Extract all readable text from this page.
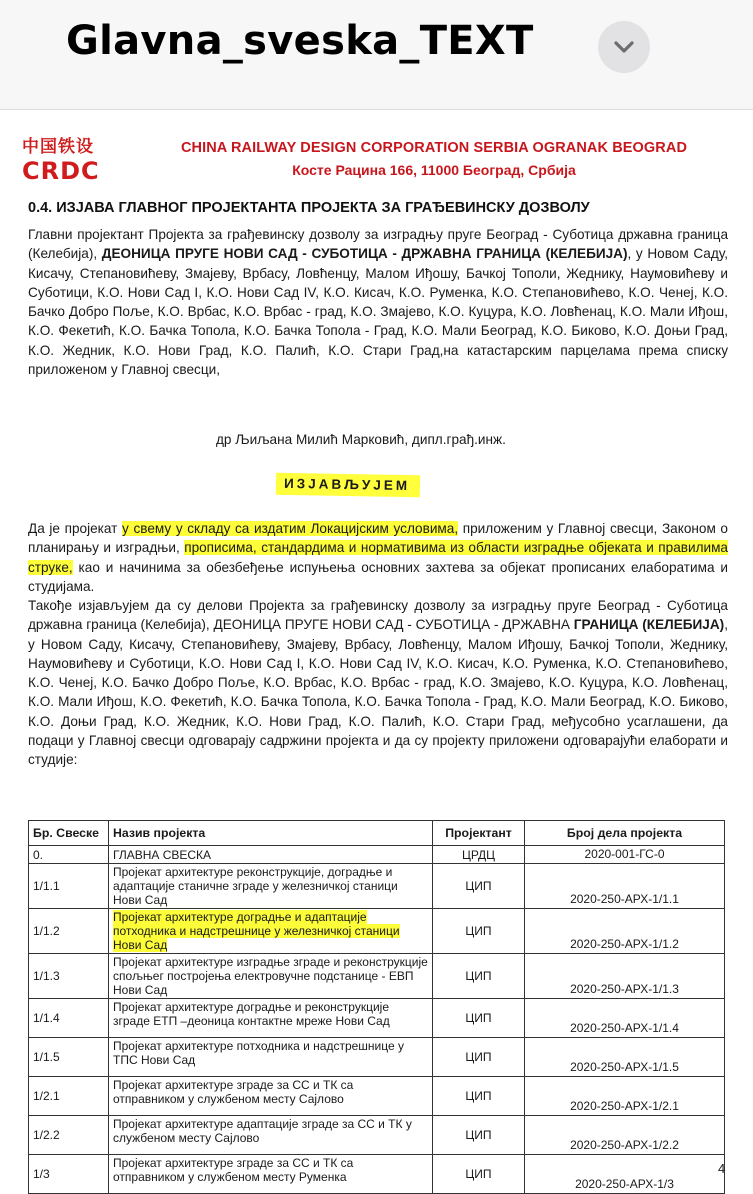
Glavna_sveska_TEXT
中国铁设
CRDC
CHINA RAILWAY DESIGN CORPORATION SERBIA OGRANAK BEOGRAD
Косте Рацина 166, 11000 Београд, Србија
0.4. ИЗЈАВА ГЛАВНОГ ПРОЈЕКТАНТА ПРОЈЕКТА ЗА ГРАЂЕВИНСКУ ДОЗВОЛУ
Главни пројектант Пројекта за грађевинску дозволу за изградњу пруге Београд - Суботица државна граница (Келебија), ДЕОНИЦА ПРУГЕ НОВИ САД - СУБОТИЦА - ДРЖАВНА ГРАНИЦА (КЕЛЕБИЈА), у Новом Саду, Кисачу, Степановићеву, Змајеву, Врбасу, Ловћенцу, Малом Иђошу, Бачкој Тополи, Жеднику, Наумовићеву и Суботици, К.О. Нови Сад I, К.О. Нови Сад IV, К.О. Кисач, К.О. Руменка, К.О. Степановићево, К.О. Ченеј, К.О. Бачко Добро Поље, К.О. Врбас, К.О. Врбас - град, К.О. Змајево, К.О. Куцура, К.О. Ловћенац, К.О. Мали Иђош, К.О. Фекетић, К.О. Бачка Топола, К.О. Бачка Топола - Град, К.О. Мали Београд, К.О. Биково, К.О. Доњи Град, К.О. Жедник, К.О. Нови Град, К.О. Палић, К.О. Стари Град,на катастарским парцелама према списку приложеном у Главној свесци,
др Љиљана Милић Марковић, дипл.грађ.инж.
ИЗЈАВЉУЈЕМ
Да је пројекат у свему у складу са издатим Локацијским условима, приложеним у Главној свесци, Законом о планирању и изградњи, прописима, стандардима и нормативима из области изградње објеката и правилима струке, као и начинима за обезбеђење испуњења основних захтева за објекат прописаних елаборатима и студијама.
Такође изјављујем да су делови Пројекта за грађевинску дозволу за изградњу пруге Београд - Суботица државна граница (Келебија), ДЕОНИЦА ПРУГЕ НОВИ САД - СУБОТИЦА - ДРЖАВНА ГРАНИЦА (КЕЛЕБИЈА), у Новом Саду, Кисачу, Степановићеву, Змајеву, Врбасу, Ловћенцу, Малом Иђошу, Бачкој Тополи, Жеднику, Наумовићеву и Суботици, К.О. Нови Сад I, К.О. Нови Сад IV, К.О. Кисач, К.О. Руменка, К.О. Степановићево, К.О. Ченеј, К.О. Бачко Добро Поље, К.О. Врбас, К.О. Врбас - град, К.О. Змајево, К.О. Куцура, К.О. Ловћенац, К.О. Мали Иђош, К.О. Фекетић, К.О. Бачка Топола, К.О. Бачка Топола - Град, К.О. Мали Београд, К.О. Биково, К.О. Доњи Град, К.О. Жедник, К.О. Нови Град, К.О. Палић, К.О. Стари Град, међусобно усаглашени, да подаци у Главној свесци одговарају садржини пројекта и да су пројекту приложени одговарајући елаборати и студије:
Бр. Свеске	Назив пројекта	Пројектант	Број дела пројекта
0.	ГЛАВНА СВЕСКА	ЦРДЦ	2020-001-ГС-0
1/1.1	Пројекат архитектуре реконструкције, доградње и адаптације станичне зграде у железничкој станици Нови Сад	ЦИП	2020-250-АРХ-1/1.1
1/1.2	Пројекат архитектуре доградње и адаптације потходника и надстрешнице у железничкој станици Нови Сад	ЦИП	2020-250-АРХ-1/1.2
1/1.3	Пројекат архитектуре изградње зграде и реконструкције спољњег постројења електровучне подстанице - ЕВП Нови Сад	ЦИП	2020-250-АРХ-1/1.3
1/1.4	Пројекат архитектуре доградње и реконструкције зграде ЕТП –деоница контактне мреже Нови Сад	ЦИП	2020-250-АРХ-1/1.4
1/1.5	Пројекат архитектуре потходника и надстрешнице у ТПС Нови Сад	ЦИП	2020-250-АРХ-1/1.5
1/2.1	Пројекат архитектуре зграде за СС и ТК са отправником у службеном месту Сајлово	ЦИП	2020-250-АРХ-1/2.1
1/2.2	Пројекат архитектуре адаптације зграде за СС и ТК у службеном месту Сајлово	ЦИП	2020-250-АРХ-1/2.2
1/3	Пројекат архитектуре зграде за СС и ТК са отправником у службеном месту Руменка	ЦИП	2020-250-АРХ-1/3
4
